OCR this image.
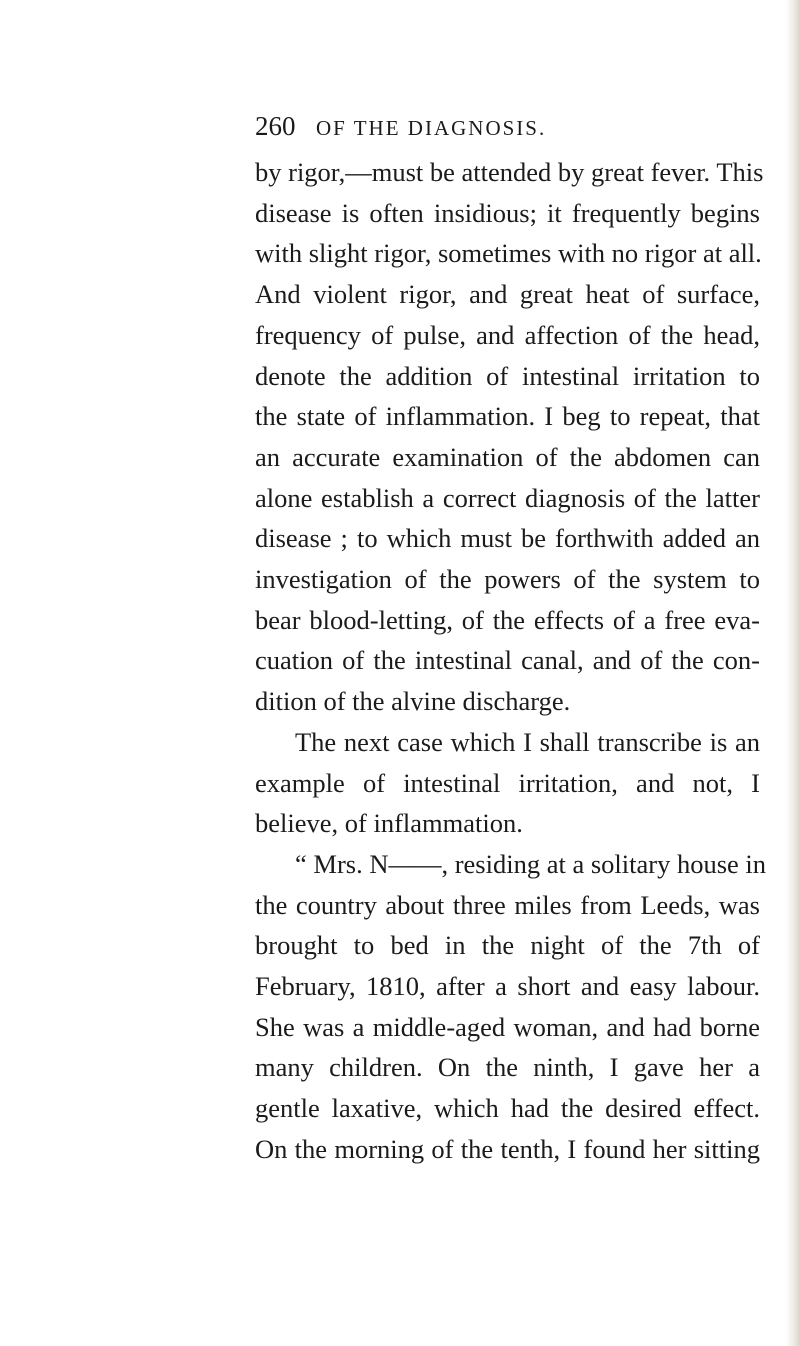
260 OF THE DIAGNOSIS.
by rigor,—must be attended by great fever. This
disease is often insidious; it frequently begins
with slight rigor, sometimes with no rigor at all.
And violent rigor, and great heat of surface,
frequency of pulse, and affection of the head,
denote the addition of intestinal irritation to
the state of inflammation. I beg to repeat, that
an accurate examination of the abdomen can
alone establish a correct diagnosis of the latter
disease ; to which must be forthwith added an
investigation of the powers of the system to
bear blood-letting, of the effects of a free eva-
cuation of the intestinal canal, and of the con-
dition of the alvine discharge.
The next case which I shall transcribe is an
example of intestinal irritation, and not, I
believe, of inflammation.
“ Mrs. N——, residing at a solitary house in
the country about three miles from Leeds, was
brought to bed in the night of the 7th of
February, 1810, after a short and easy labour.
She was a middle-aged woman, and had borne
many children. On the ninth, I gave her a
gentle laxative, which had the desired effect.
On the morning of the tenth, I found her sitting
